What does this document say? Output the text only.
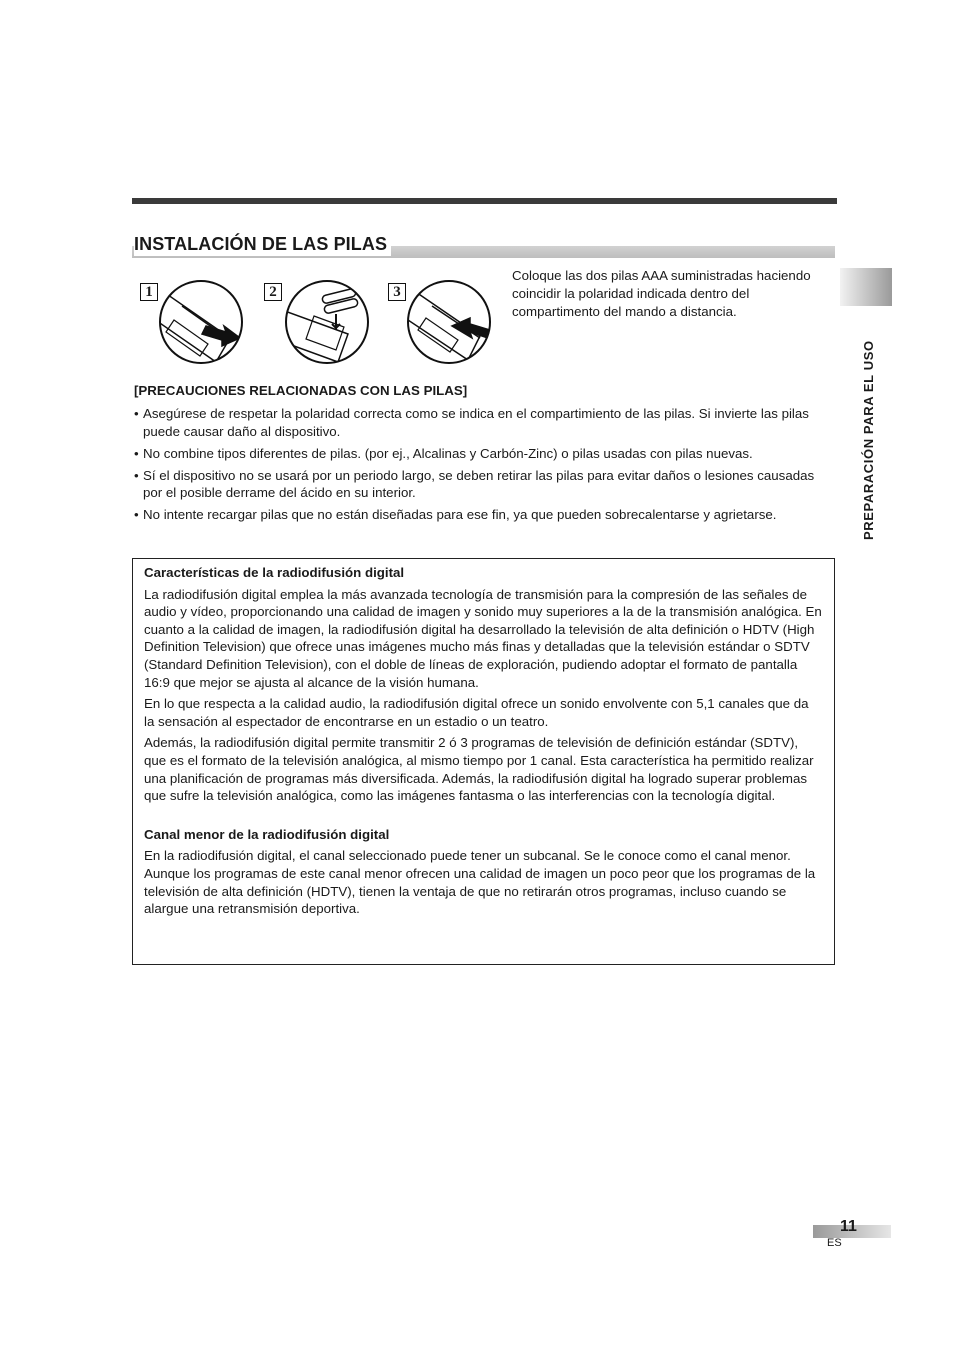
INSTALACIÓN DE LAS PILAS
PREPARACIÓN PARA EL USO
1	2	3
Coloque las dos pilas AAA suministradas haciendo coincidir la polaridad indicada dentro del compartimento del mando a distancia.
[PRECAUCIONES RELACIONADAS CON LAS PILAS]
• Asegúrese de respetar la polaridad correcta como se indica en el compartimiento de las pilas. Si invierte las pilas puede causar daño al dispositivo.
• No combine tipos diferentes de pilas. (por ej., Alcalinas y Carbón-Zinc) o pilas usadas con pilas nuevas.
• Sí el dispositivo no se usará por un periodo largo, se deben retirar las pilas para evitar daños o lesiones causadas por el posible derrame del ácido en su interior.
• No intente recargar pilas que no están diseñadas para ese fin, ya que pueden sobrecalentarse y agrietarse.
Características de la radiodifusión digital

La radiodifusión digital emplea la más avanzada tecnología de transmisión para la compresión de las señales de audio y vídeo, proporcionando una calidad de imagen y sonido muy superiores a la de la transmisión analógica. En cuanto a la calidad de imagen, la radiodifusión digital ha desarrollado la televisión de alta definición o HDTV (High Definition Television) que ofrece unas imágenes mucho más finas y detalladas que la televisión estándar o SDTV (Standard Definition Television), con el doble de líneas de exploración, pudiendo adoptar el formato de pantalla 16:9 que mejor se ajusta al alcance de la visión humana.

En lo que respecta a la calidad audio, la radiodifusión digital ofrece un sonido envolvente con 5,1 canales que da la sensación al espectador de encontrarse en un estadio o un teatro.

Además, la radiodifusión digital permite transmitir 2 ó 3 programas de televisión de definición estándar (SDTV), que es el formato de la televisión analógica, al mismo tiempo por 1 canal. Esta característica ha permitido realizar una planificación de programas más diversificada. Además, la radiodifusión digital ha logrado superar problemas que sufre la televisión analógica, como las imágenes fantasma o las interferencias con la tecnología digital.

Canal menor de la radiodifusión digital

En la radiodifusión digital, el canal seleccionado puede tener un subcanal. Se le conoce como el canal menor. Aunque los programas de este canal menor ofrecen una calidad de imagen un poco peor que los programas de la televisión de alta definición (HDTV), tienen la ventaja de que no retirarán otros programas, incluso cuando se alargue una retransmisión deportiva.

11
ES
